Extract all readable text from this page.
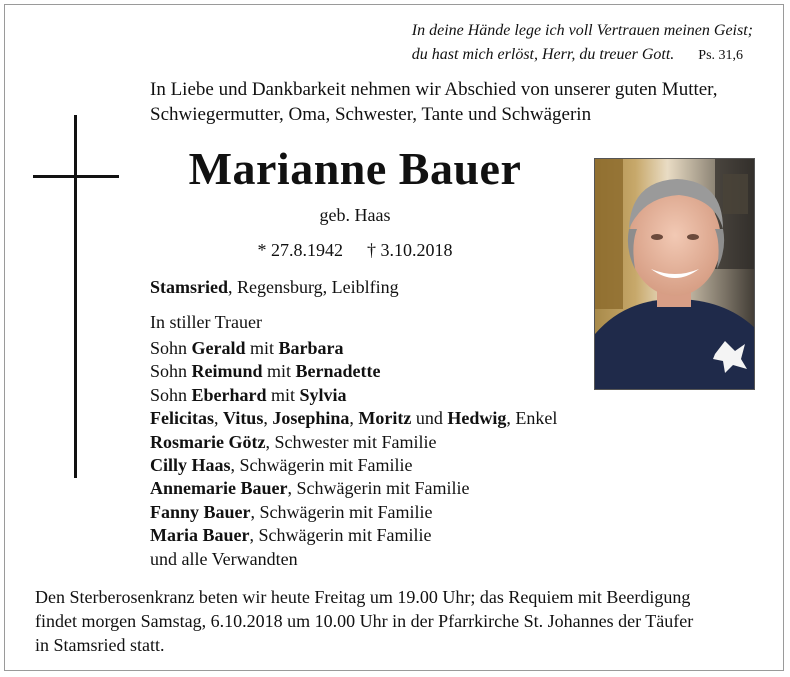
In deine Hände lege ich voll Vertrauen meinen Geist;
du hast mich erlöst, Herr, du treuer Gott. Ps. 31,6
In Liebe und Dankbarkeit nehmen wir Abschied von unserer guten Mutter,
Schwiegermutter, Oma, Schwester, Tante und Schwägerin
Marianne Bauer
geb. Haas
* 27.8.1942 † 3.10.2018
Stamsried, Regensburg, Leiblfing
In stiller Trauer
Sohn Gerald mit Barbara
Sohn Reimund mit Bernadette
Sohn Eberhard mit Sylvia
Felicitas, Vitus, Josephina, Moritz und Hedwig, Enkel
Rosmarie Götz, Schwester mit Familie
Cilly Haas, Schwägerin mit Familie
Annemarie Bauer, Schwägerin mit Familie
Fanny Bauer, Schwägerin mit Familie
Maria Bauer, Schwägerin mit Familie
und alle Verwandten
Den Sterberosenkranz beten wir heute Freitag um 19.00 Uhr; das Requiem mit Beerdigung
findet morgen Samstag, 6.10.2018 um 10.00 Uhr in der Pfarrkirche St. Johannes der Täufer
in Stamsried statt.
